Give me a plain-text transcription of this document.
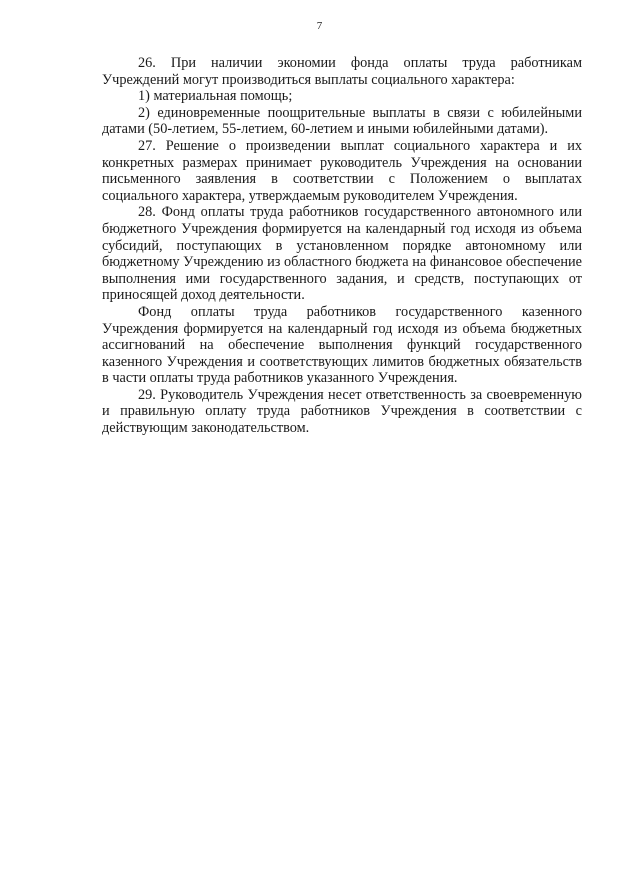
7

26. При наличии экономии фонда оплаты труда работникам Учреждений могут производиться выплаты социального характера:

1) материальная помощь;

2) единовременные поощрительные выплаты в связи с юбилейными датами (50-летием, 55-летием, 60-летием и иными юбилейными датами).

27. Решение о произведении выплат социального характера и их конкретных размерах принимает руководитель Учреждения на основании письменного заявления в соответствии с Положением о выплатах социального характера, утверждаемым руководителем Учреждения.

28. Фонд оплаты труда работников государственного автономного или бюджетного Учреждения формируется на календарный год исходя из объема субсидий, поступающих в установленном порядке автономному или бюджетному Учреждению из областного бюджета на финансовое обеспечение выполнения ими государственного задания, и средств, поступающих от приносящей доход деятельности.

Фонд оплаты труда работников государственного казенного Учреждения формируется на календарный год исходя из объема бюджетных ассигнований на обеспечение выполнения функций государственного казенного Учреждения и соответствующих лимитов бюджетных обязательств в части оплаты труда работников указанного Учреждения.

29. Руководитель Учреждения несет ответственность за своевременную и правильную оплату труда работников Учреждения в соответствии с действующим законодательством.
